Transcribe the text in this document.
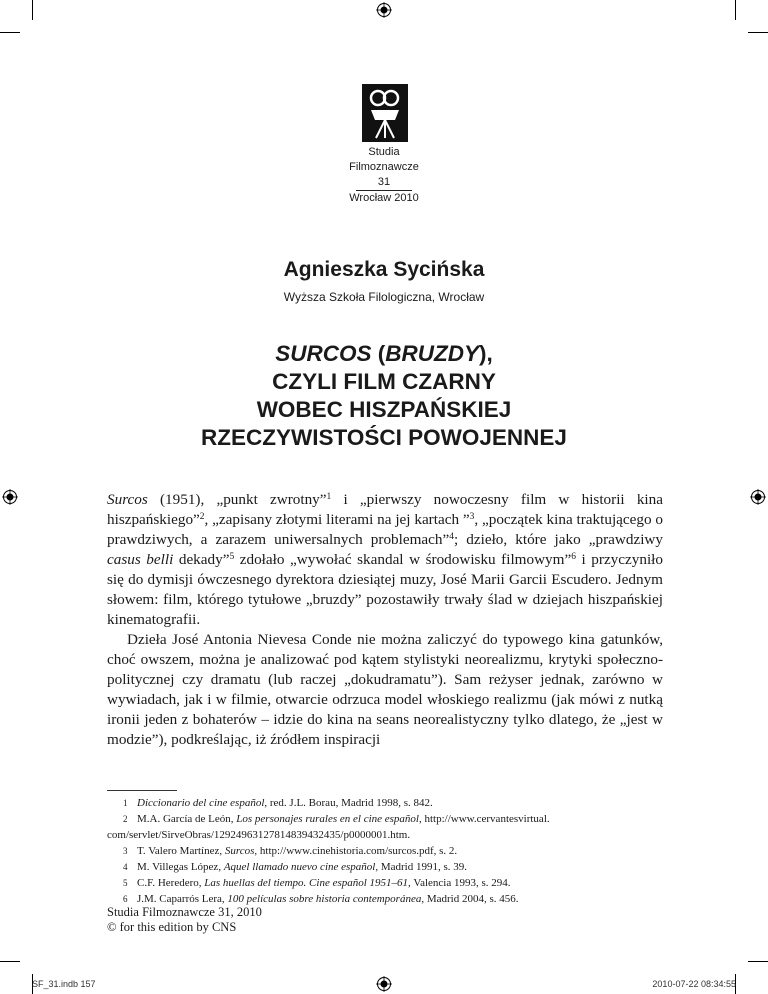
Studia
Filmoznawcze
31
Wrocław 2010
Agnieszka Sycińska
Wyższa Szkoła Filologiczna, Wrocław
SURCOS (BRUZDY),
CZYLI FILM CZARNY
WOBEC HISZPAŃSKIEJ
RZECZYWISTOŚCI POWOJENNEJ

Surcos (1951), „punkt zwrotny”$^1$ i „pierwszy nowoczesny film w historii kina hiszpańskiego”$^2$, „zapisany złotymi literami na jej kartach ”$^3$, „początek kina traktującego o prawdziwych, a zarazem uniwersalnych problemach”$^4$; dzieło, które jako „prawdziwy casus belli dekady”$^5$ zdołało „wywołać skandal w środowisku filmowym”$^6$ i przyczyniło się do dymisji ówczesnego dyrektora dziesiątej muzy, José Marii Garcii Escudero. Jednym słowem: film, którego tytułowe „bruzdy” pozostawiły trwały ślad w dziejach hiszpańskiej kinematografii.

Dzieła José Antonia Nievesa Conde nie można zaliczyć do typowego kina gatunków, choć owszem, można je analizować pod kątem stylistyki neorealizmu, krytyki społeczno-politycznej czy dramatu (lub raczej „dokudramatu”). Sam reżyser jednak, zarówno w wywiadach, jak i w filmie, otwarcie odrzuca model włoskiego realizmu (jak mówi z nutką ironii jeden z bohaterów – idzie do kina na seans neorealistyczny tylko dlatego, że „jest w modzie”), podkreślając, iż źródłem inspiracji

1 Diccionario del cine español, red. J.L. Borau, Madrid 1998, s. 842.
2 M.A. García de León, Los personajes rurales en el cine español, http://www.cervantesvirtual.
com/servlet/SirveObras/12924963127814839432435/p0000001.htm.
3 T. Valero Martínez, Surcos, http://www.cinehistoria.com/surcos.pdf, s. 2.
4 M. Villegas López, Aquel llamado nuevo cine español, Madrid 1991, s. 39.
5 C.F. Heredero, Las huellas del tiempo. Cine español 1951–61, Valencia 1993, s. 294.
6 J.M. Caparrós Lera, 100 películas sobre historia contemporánea, Madrid 2004, s. 456.
Studia Filmoznawcze 31, 2010
© for this edition by CNS
SF_31.indb 157	2010-07-22 08:34:55
